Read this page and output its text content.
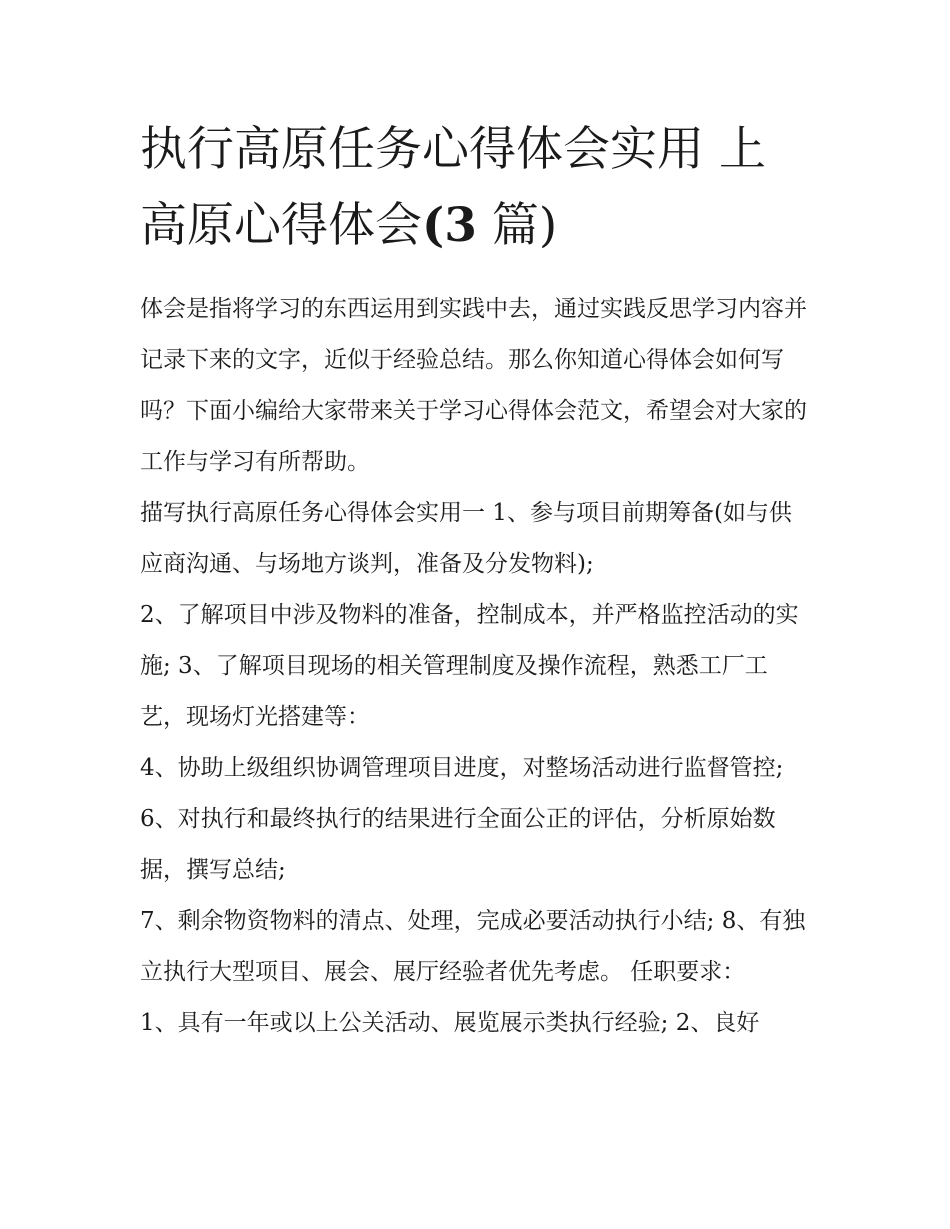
执行高原任务心得体会实用 上高原心得体会(3 篇)

体会是指将学习的东西运用到实践中去，通过实践反思学习内容并记录下来的文字，近似于经验总结。那么你知道心得体会如何写吗？下面小编给大家带来关于学习心得体会范文，希望会对大家的工作与学习有所帮助。

描写执行高原任务心得体会实用一 1、参与项目前期筹备(如与供应商沟通、与场地方谈判，准备及分发物料);

2、了解项目中涉及物料的准备，控制成本，并严格监控活动的实施; 3、了解项目现场的相关管理制度及操作流程，熟悉工厂工艺，现场灯光搭建等：

4、协助上级组织协调管理项目进度，对整场活动进行监督管控; 6、对执行和最终执行的结果进行全面公正的评估，分析原始数据，撰写总结;

7、剩余物资物料的清点、处理，完成必要活动执行小结; 8、有独立执行大型项目、展会、展厅经验者优先考虑。 任职要求：

1、具有一年或以上公关活动、展览展示类执行经验; 2、良好
